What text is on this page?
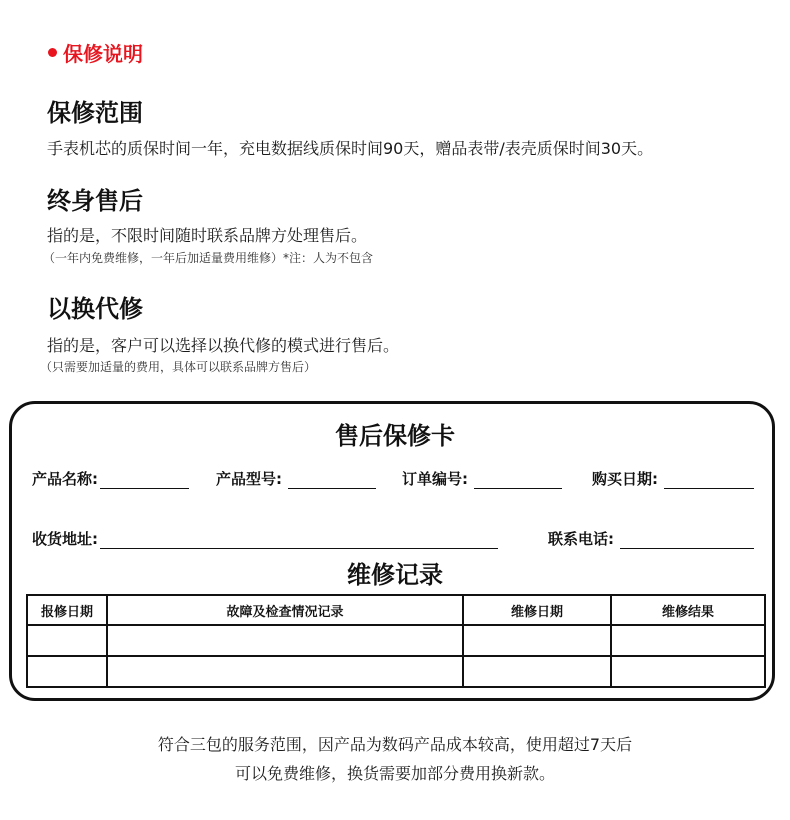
保修说明
保修范围
手表机芯的质保时间一年，充电数据线质保时间90天，赠品表带/表壳质保时间30天。
终身售后
指的是，不限时间随时联系品牌方处理售后。
（一年内免费维修，一年后加适量费用维修）*注：人为不包含
以换代修
指的是，客户可以选择以换代修的模式进行售后。
（只需要加适量的费用，具体可以联系品牌方售后）
售后保修卡
产品名称:	产品型号:	订单编号:	购买日期:
收货地址:	联系电话:
维修记录
报修日期	故障及检查情况记录	维修日期	维修结果

符合三包的服务范围，因产品为数码产品成本较高，使用超过7天后
可以免费维修，换货需要加部分费用换新款。
